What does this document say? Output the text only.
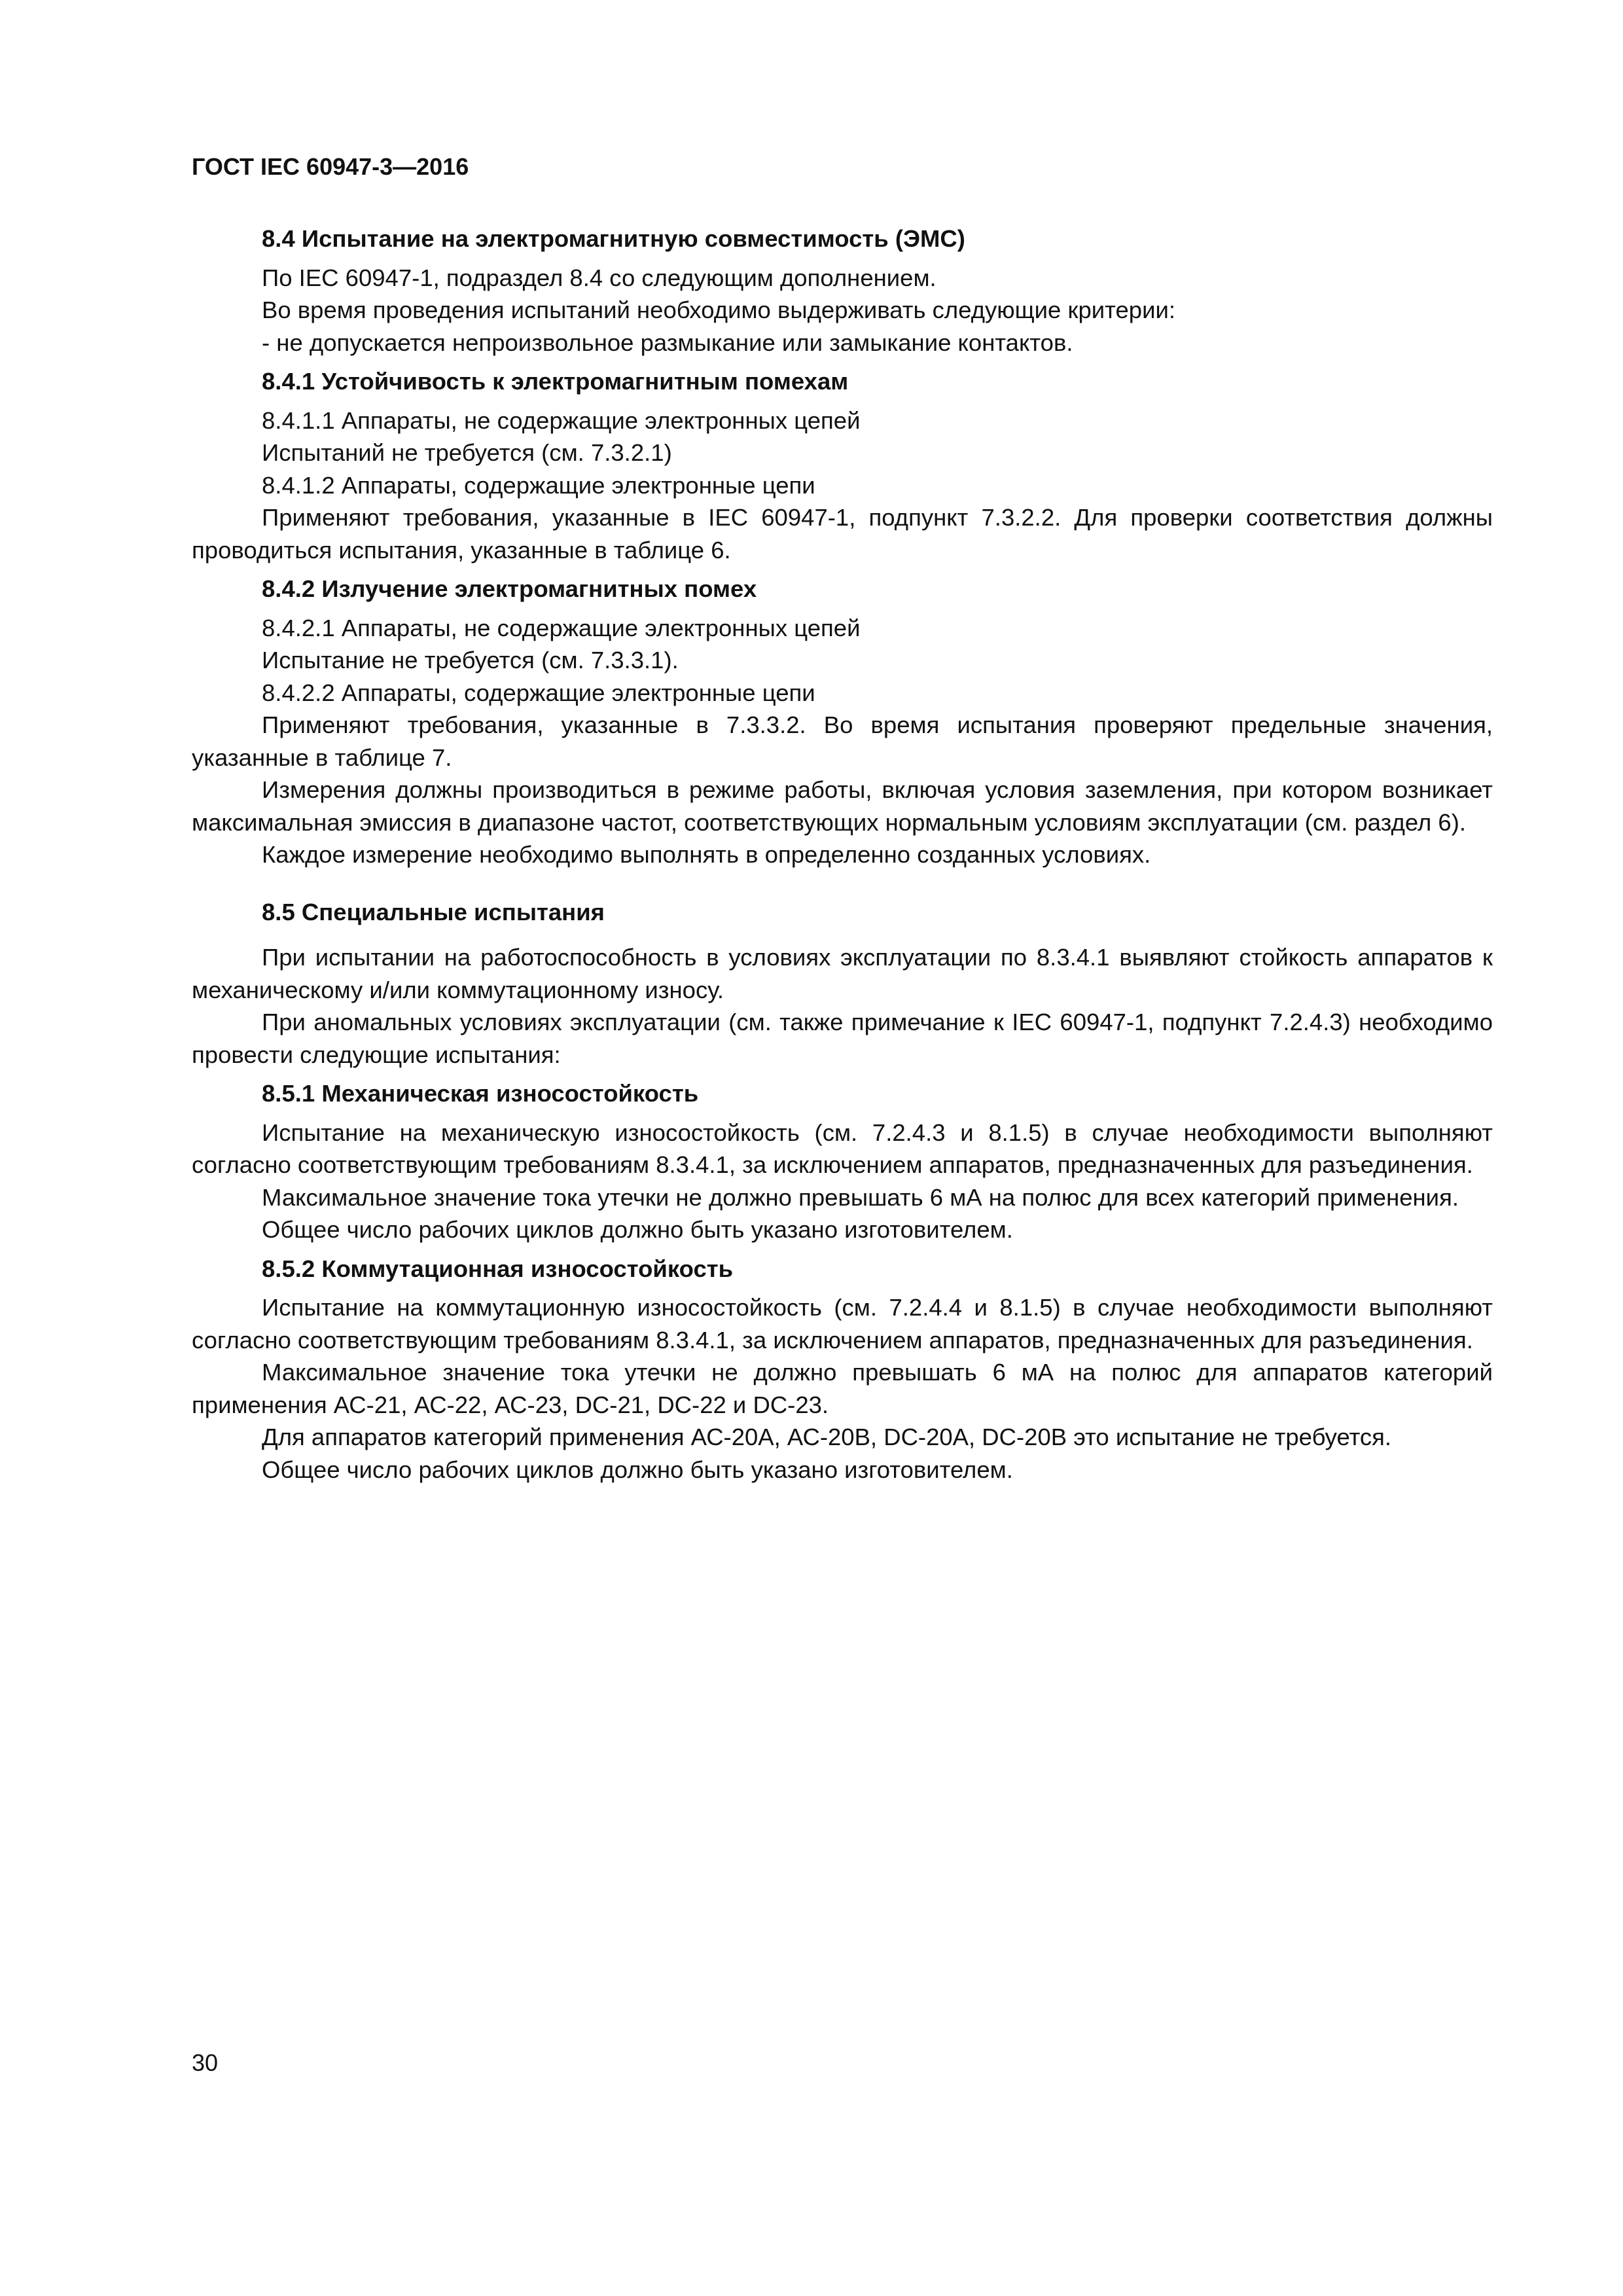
ГОСТ IEC 60947-3—2016
8.4 Испытание на электромагнитную совместимость (ЭМС)
По IEC 60947-1, подраздел 8.4 со следующим дополнением.
Во время проведения испытаний необходимо выдерживать следующие критерии:
- не допускается непроизвольное размыкание или замыкание контактов.
8.4.1 Устойчивость к электромагнитным помехам
8.4.1.1 Аппараты, не содержащие электронных цепей
Испытаний не требуется (см. 7.3.2.1)
8.4.1.2 Аппараты, содержащие электронные цепи
Применяют требования, указанные в IEC 60947-1, подпункт 7.3.2.2. Для проверки соответствия должны проводиться испытания, указанные в таблице 6.
8.4.2 Излучение электромагнитных помех
8.4.2.1 Аппараты, не содержащие электронных цепей
Испытание не требуется (см. 7.3.3.1).
8.4.2.2 Аппараты, содержащие электронные цепи
Применяют требования, указанные в 7.3.3.2. Во время испытания проверяют предельные значения, указанные в таблице 7.
Измерения должны производиться в режиме работы, включая условия заземления, при котором возникает максимальная эмиссия в диапазоне частот, соответствующих нормальным условиям эксплуатации (см. раздел 6).
Каждое измерение необходимо выполнять в определенно созданных условиях.
8.5 Специальные испытания
При испытании на работоспособность в условиях эксплуатации по 8.3.4.1 выявляют стойкость аппаратов к механическому и/или коммутационному износу.
При аномальных условиях эксплуатации (см. также примечание к IEC 60947-1, подпункт 7.2.4.3) необходимо провести следующие испытания:
8.5.1 Механическая износостойкость
Испытание на механическую износостойкость (см. 7.2.4.3 и 8.1.5) в случае необходимости выполняют согласно соответствующим требованиям 8.3.4.1, за исключением аппаратов, предназначенных для разъединения.
Максимальное значение тока утечки не должно превышать 6 мА на полюс для всех категорий применения.
Общее число рабочих циклов должно быть указано изготовителем.
8.5.2 Коммутационная износостойкость
Испытание на коммутационную износостойкость (см. 7.2.4.4 и 8.1.5) в случае необходимости выполняют согласно соответствующим требованиям 8.3.4.1, за исключением аппаратов, предназначенных для разъединения.
Максимальное значение тока утечки не должно превышать 6 мА на полюс для аппаратов категорий применения АС-21, АС-22, АС-23, DC-21, DC-22 и DC-23.
Для аппаратов категорий применения АС-20А, АС-20В, DC-20A, DC-20B это испытание не требуется.
Общее число рабочих циклов должно быть указано изготовителем.
30
